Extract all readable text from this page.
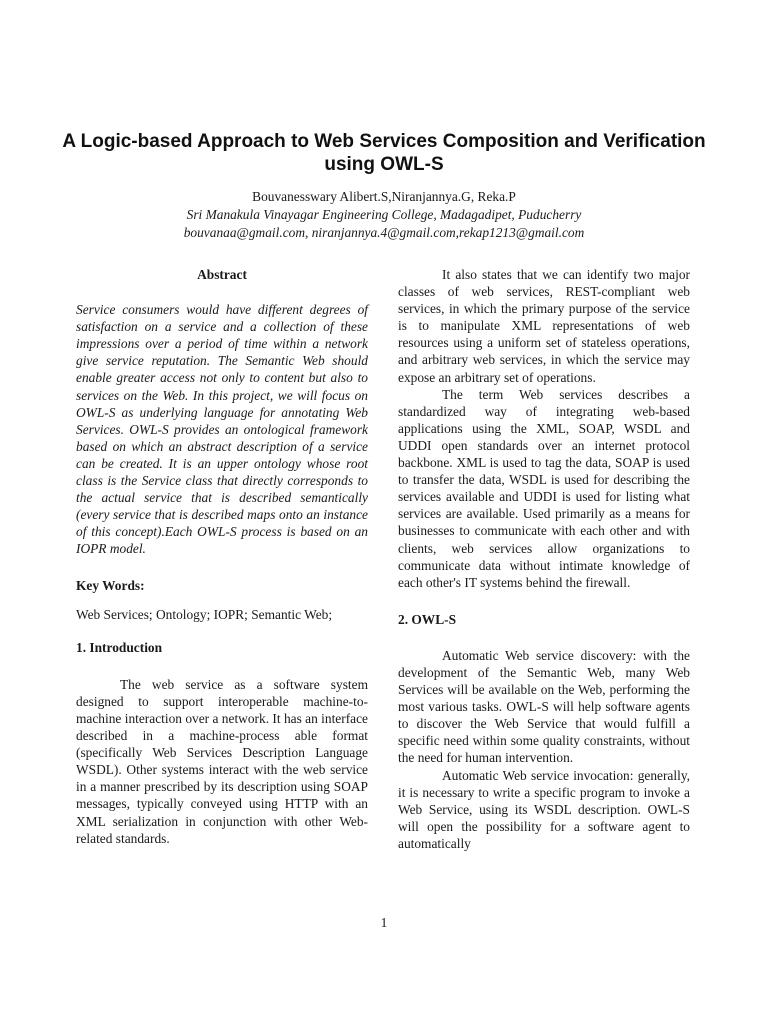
A Logic-based Approach to Web Services Composition and Verification using OWL-S
Bouvanesswary Alibert.S,Niranjannya.G, Reka.P
Sri Manakula Vinayagar Engineering College, Madagadipet, Puducherry
bouvanaa@gmail.com, niranjannya.4@gmail.com,rekap1213@gmail.com
Abstract

Service consumers would have different degrees of satisfaction on a service and a collection of these impressions over a period of time within a network give service reputation. The Semantic Web should enable greater access not only to content but also to services on the Web. In this project, we will focus on OWL-S as underlying language for annotating Web Services. OWL-S provides an ontological framework based on which an abstract description of a service can be created. It is an upper ontology whose root class is the Service class that directly corresponds to the actual service that is described semantically (every service that is described maps onto an instance of this concept).Each OWL-S process is based on an IOPR model.

Key Words:

Web Services; Ontology; IOPR; Semantic Web;

1. Introduction

The web service as a software system designed to support interoperable machine-to-machine interaction over a network. It has an interface described in a machine-process able format (specifically Web Services Description Language WSDL). Other systems interact with the web service in a manner prescribed by its description using SOAP messages, typically conveyed using HTTP with an XML serialization in conjunction with other Web-related standards.

It also states that we can identify two major classes of web services, REST-compliant web services, in which the primary purpose of the service is to manipulate XML representations of web resources using a uniform set of stateless operations, and arbitrary web services, in which the service may expose an arbitrary set of operations.

The term Web services describes a standardized way of integrating web-based applications using the XML, SOAP, WSDL and UDDI open standards over an internet protocol backbone. XML is used to tag the data, SOAP is used to transfer the data, WSDL is used for describing the services available and UDDI is used for listing what services are available. Used primarily as a means for businesses to communicate with each other and with clients, web services allow organizations to communicate data without intimate knowledge of each other's IT systems behind the firewall.

2. OWL-S

Automatic Web service discovery: with the development of the Semantic Web, many Web Services will be available on the Web, performing the most various tasks. OWL-S will help software agents to discover the Web Service that would fulfill a specific need within some quality constraints, without the need for human intervention.

Automatic Web service invocation: generally, it is necessary to write a specific program to invoke a Web Service, using its WSDL description. OWL-S will open the possibility for a software agent to automatically

1
